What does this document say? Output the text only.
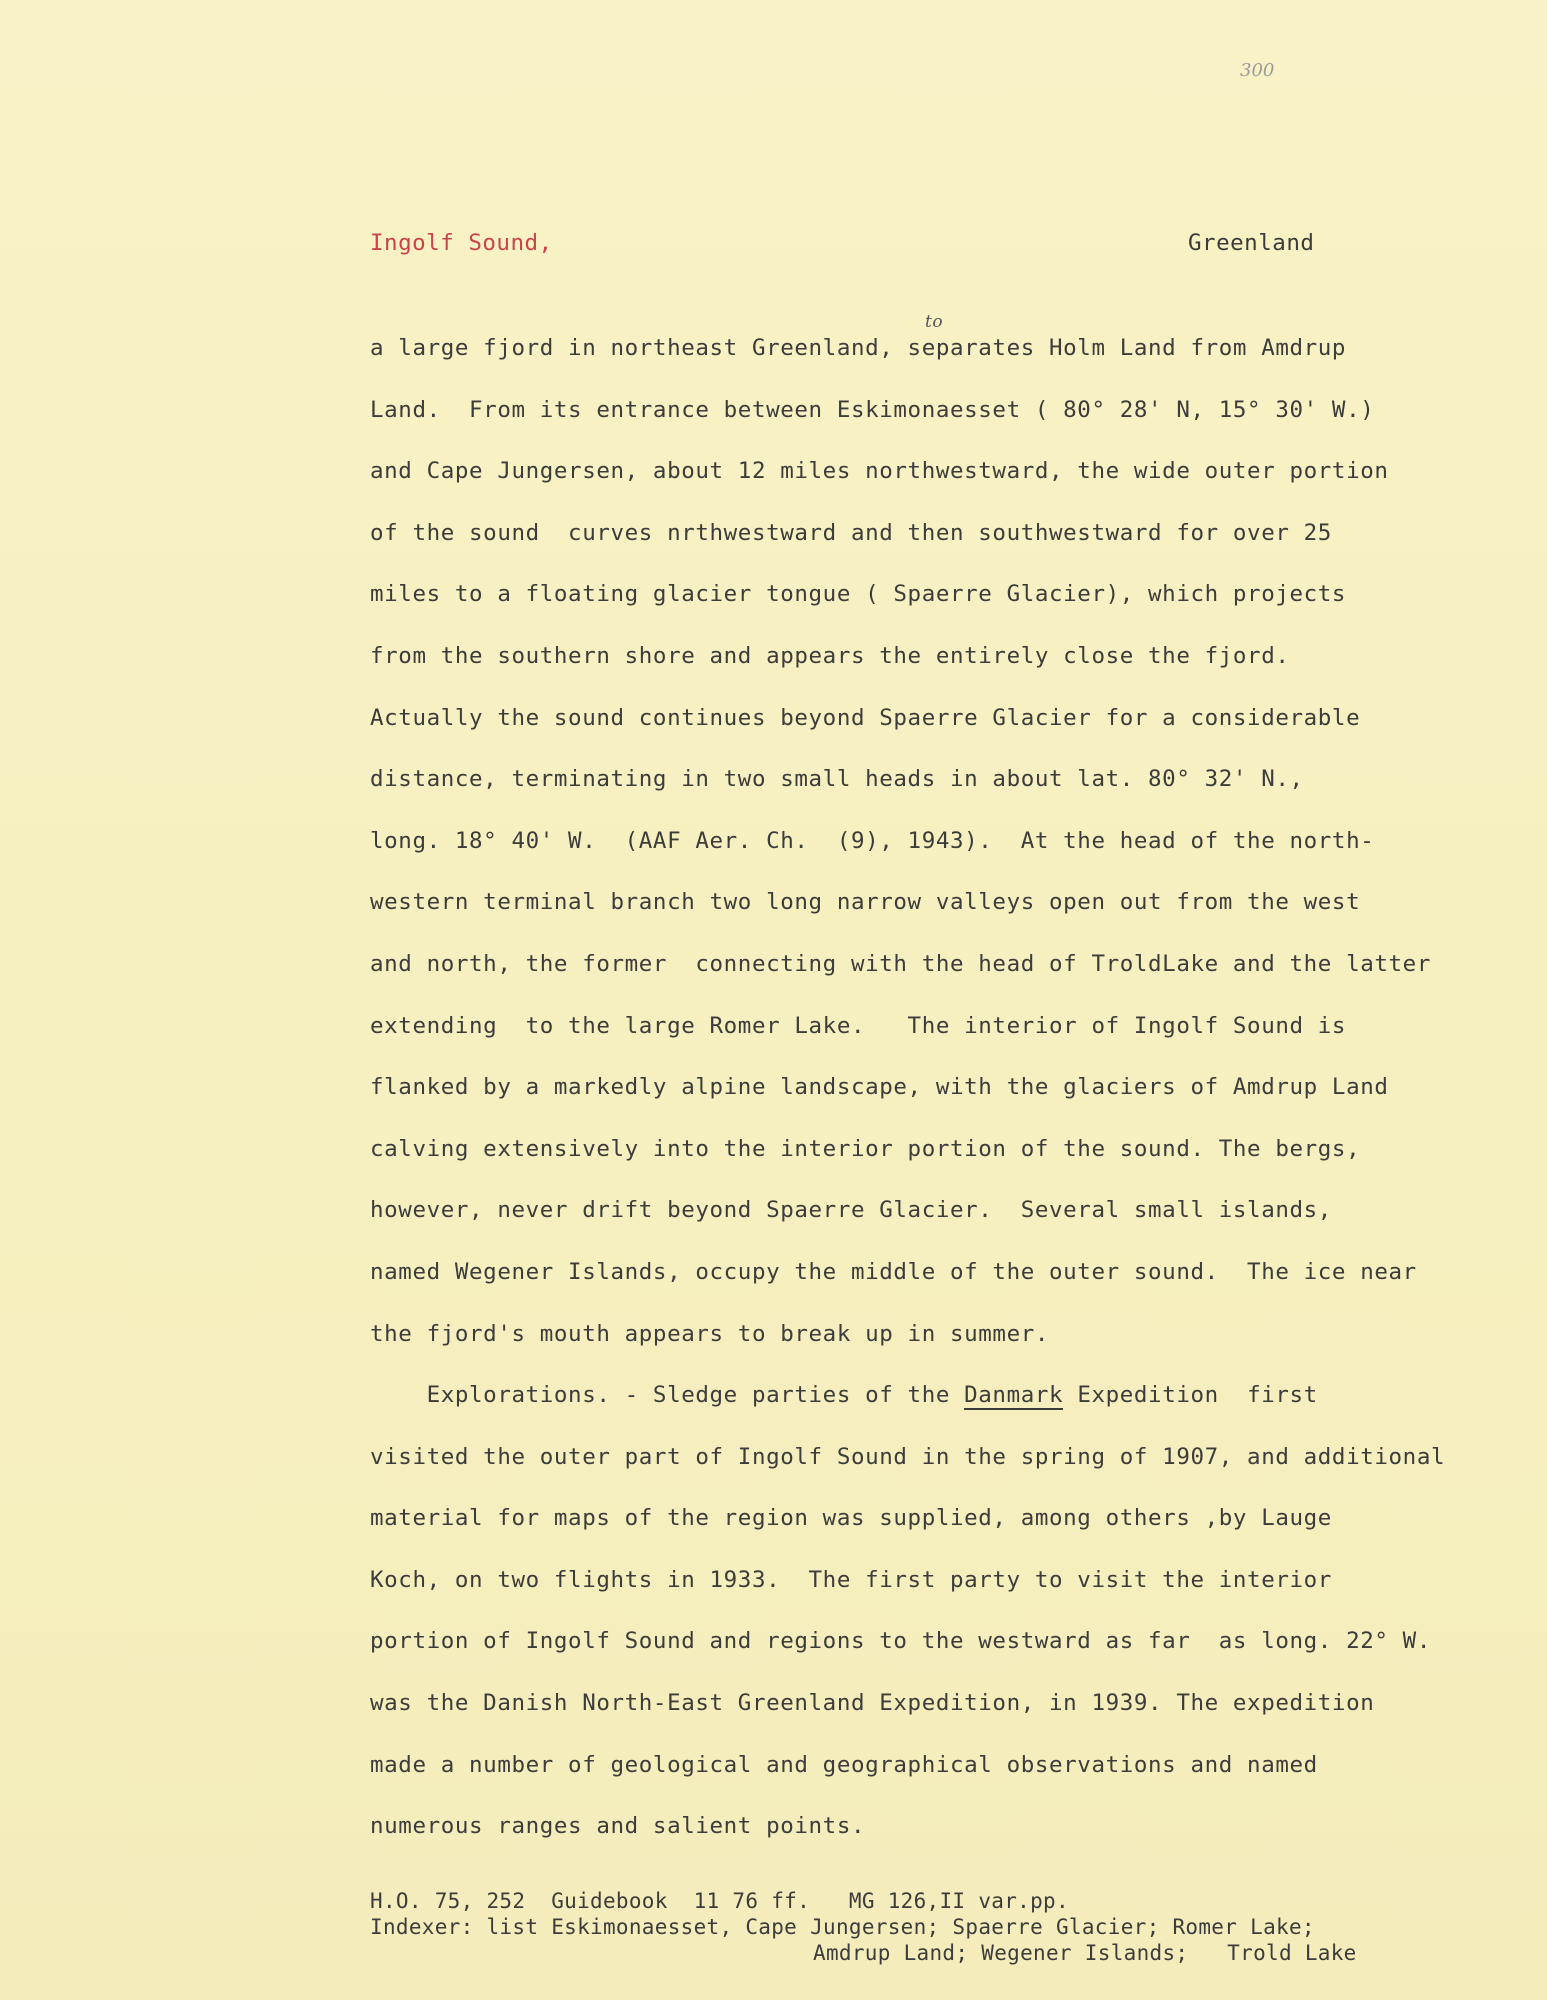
300
Ingolf Sound,	Greenland
a large fjord in northeast Greenland, separates Holm Land from Amdrup
Land.  From its entrance between Eskimonaesset ( 80° 28' N, 15° 30' W.)
and Cape Jungersen, about 12 miles northwestward, the wide outer portion
of the sound  curves nrthwestward and then southwestward for over 25
miles to a floating glacier tongue ( Spaerre Glacier), which projects
to
from the southern shore and appears the entirely close the fjord.
Actually the sound continues beyond Spaerre Glacier for a considerable
distance, terminating in two small heads in about lat. 80° 32' N.,
long. 18° 40' W.  (AAF Aer. Ch.  (9), 1943).  At the head of the north-
western terminal branch two long narrow valleys open out from the west
and north, the former  connecting with the head of TroldLake and the latter
extending  to the large Romer Lake.   The interior of Ingolf Sound is
flanked by a markedly alpine landscape, with the glaciers of Amdrup Land
calving extensively into the interior portion of the sound. The bergs,
however, never drift beyond Spaerre Glacier.  Several small islands,
named Wegener Islands, occupy the middle of the outer sound.  The ice near
the fjord's mouth appears to break up in summer.
Explorations. - Sledge parties of the Danmark Expedition  first
visited the outer part of Ingolf Sound in the spring of 1907, and additional
material for maps of the region was supplied, among others ,by Lauge
Koch, on two flights in 1933.  The first party to visit the interior
portion of Ingolf Sound and regions to the westward as far  as long. 22° W.
was the Danish North-East Greenland Expedition, in 1939. The expedition
made a number of geological and geographical observations and named
numerous ranges and salient points.
H.O. 75, 252  Guidebook  11 76 ff.   MG 126,II var.pp.
Indexer: list Eskimonaesset, Cape Jungersen; Spaerre Glacier; Romer Lake;
Amdrup Land; Wegener Islands;   Trold Lake
